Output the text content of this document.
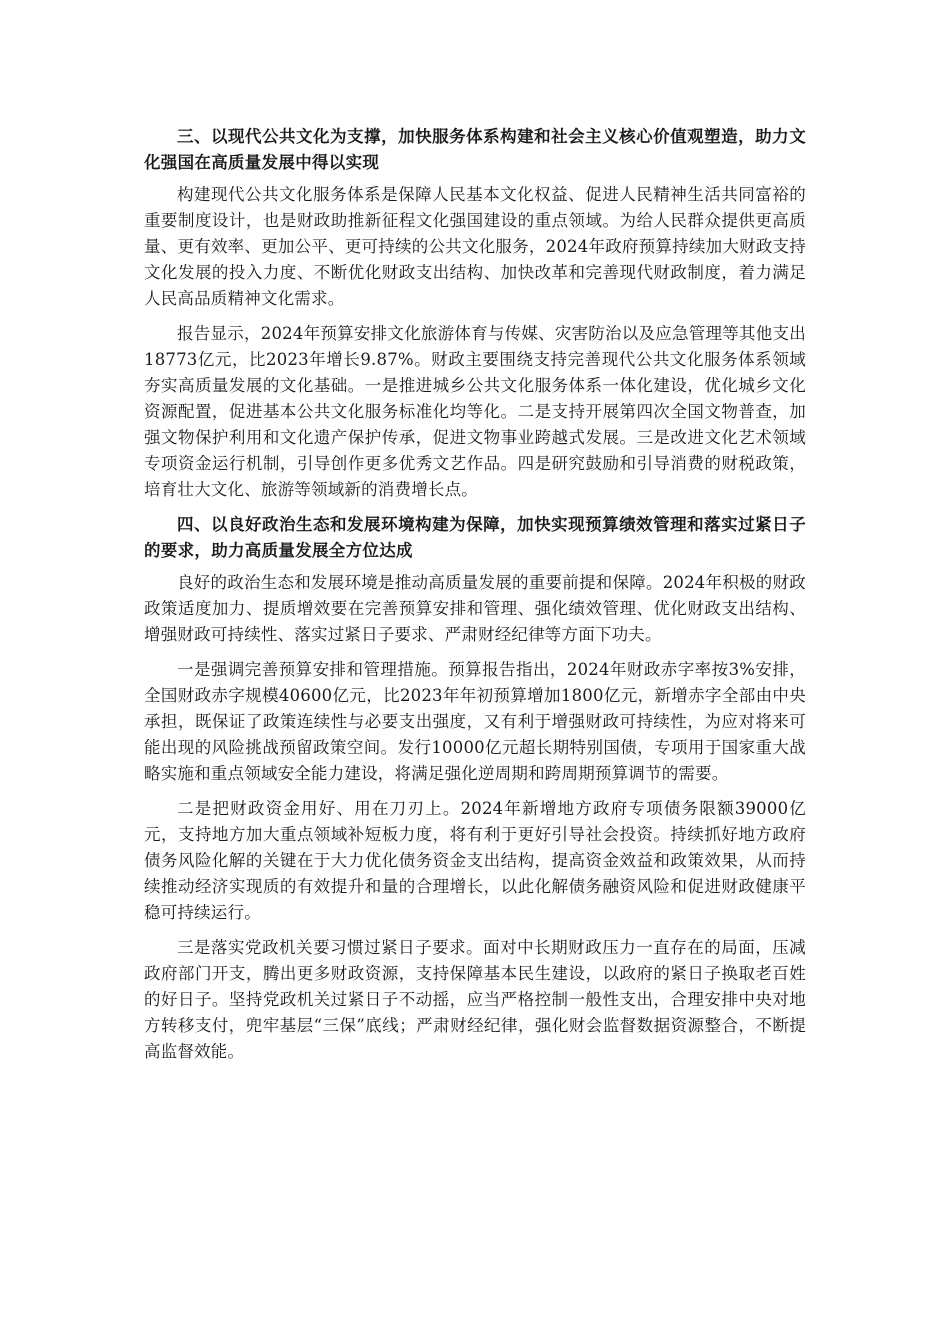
三、以现代公共文化为支撑，加快服务体系构建和社会主义核心价值观塑造，助力文化强国在高质量发展中得以实现

构建现代公共文化服务体系是保障人民基本文化权益、促进人民精神生活共同富裕的重要制度设计，也是财政助推新征程文化强国建设的重点领域。为给人民群众提供更高质量、更有效率、更加公平、更可持续的公共文化服务，2024年政府预算持续加大财政支持文化发展的投入力度、不断优化财政支出结构、加快改革和完善现代财政制度，着力满足人民高品质精神文化需求。

报告显示，2024年预算安排文化旅游体育与传媒、灾害防治以及应急管理等其他支出18773亿元，比2023年增长9.87%。财政主要围绕支持完善现代公共文化服务体系领域夯实高质量发展的文化基础。一是推进城乡公共文化服务体系一体化建设，优化城乡文化资源配置，促进基本公共文化服务标准化均等化。二是支持开展第四次全国文物普查，加强文物保护利用和文化遗产保护传承，促进文物事业跨越式发展。三是改进文化艺术领域专项资金运行机制，引导创作更多优秀文艺作品。四是研究鼓励和引导消费的财税政策，培育壮大文化、旅游等领域新的消费增长点。

四、以良好政治生态和发展环境构建为保障，加快实现预算绩效管理和落实过紧日子的要求，助力高质量发展全方位达成

良好的政治生态和发展环境是推动高质量发展的重要前提和保障。2024年积极的财政政策适度加力、提质增效要在完善预算安排和管理、强化绩效管理、优化财政支出结构、增强财政可持续性、落实过紧日子要求、严肃财经纪律等方面下功夫。

一是强调完善预算安排和管理措施。预算报告指出，2024年财政赤字率按3%安排，全国财政赤字规模40600亿元，比2023年年初预算增加1800亿元，新增赤字全部由中央承担，既保证了政策连续性与必要支出强度，又有利于增强财政可持续性，为应对将来可能出现的风险挑战预留政策空间。发行10000亿元超长期特别国债，专项用于国家重大战略实施和重点领域安全能力建设，将满足强化逆周期和跨周期预算调节的需要。

二是把财政资金用好、用在刀刃上。2024年新增地方政府专项债务限额39000亿元，支持地方加大重点领域补短板力度，将有利于更好引导社会投资。持续抓好地方政府债务风险化解的关键在于大力优化债务资金支出结构，提高资金效益和政策效果，从而持续推动经济实现质的有效提升和量的合理增长，以此化解债务融资风险和促进财政健康平稳可持续运行。

三是落实党政机关要习惯过紧日子要求。面对中长期财政压力一直存在的局面，压减政府部门开支，腾出更多财政资源，支持保障基本民生建设，以政府的紧日子换取老百姓的好日子。坚持党政机关过紧日子不动摇，应当严格控制一般性支出，合理安排中央对地方转移支付，兜牢基层“三保”底线；严肃财经纪律，强化财会监督数据资源整合，不断提高监督效能。
